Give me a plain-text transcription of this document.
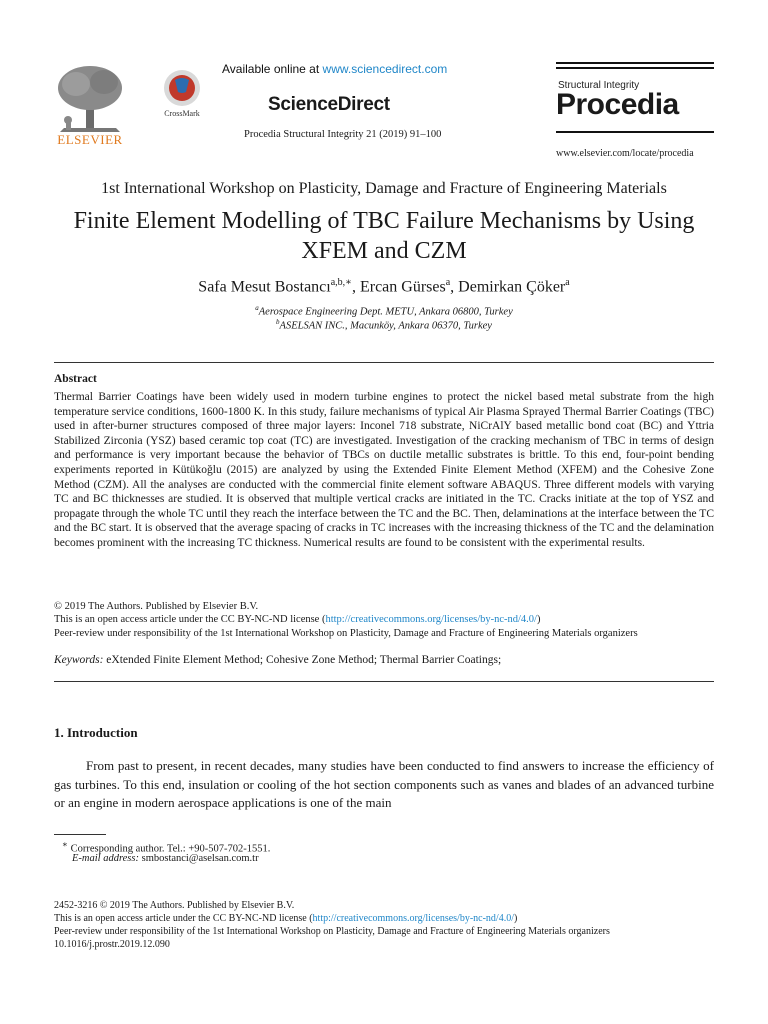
ELSEVIER
CrossMark
Available online at www.sciencedirect.com
ScienceDirect
Procedia Structural Integrity 21 (2019) 91–100
Structural Integrity
Procedia
www.elsevier.com/locate/procedia
1st International Workshop on Plasticity, Damage and Fracture of Engineering Materials
Finite Element Modelling of TBC Failure Mechanisms by Using XFEM and CZM
Safa Mesut Bostancı$^{a,b,∗}$, Ercan Gürses$^a$, Demirkan Çöker$^a$
$^a$Aerospace Engineering Dept. METU, Ankara 06800, Turkey
$^b$ASELSAN INC., Macunköy, Ankara 06370, Turkey
Abstract
Thermal Barrier Coatings have been widely used in modern turbine engines to protect the nickel based metal substrate from the high temperature service conditions, 1600-1800 K. In this study, failure mechanisms of typical Air Plasma Sprayed Thermal Barrier Coatings (TBC) used in after-burner structures composed of three major layers: Inconel 718 substrate, NiCrAlY based metallic bond coat (BC) and Yttria Stabilized Zirconia (YSZ) based ceramic top coat (TC) are investigated. Investigation of the cracking mechanism of TBC in terms of design and performance is very important because the behavior of TBCs on ductile metallic substrates is brittle. To this end, four-point bending experiments reported in Kütükoğlu (2015) are analyzed by using the Extended Finite Element Method (XFEM) and the Cohesive Zone Method (CZM). All the analyses are conducted with the commercial finite element software ABAQUS. Three different models with varying TC and BC thicknesses are studied. It is observed that multiple vertical cracks are initiated in the TC. Cracks initiate at the top of YSZ and propagate through the whole TC until they reach the interface between the TC and the BC. Then, delaminations at the interface between the TC and the BC start. It is observed that the average spacing of cracks in TC increases with the increasing thickness of the TC and the delamination becomes prominent with the increasing TC thickness. Numerical results are found to be consistent with the experimental results.
© 2019 The Authors. Published by Elsevier B.V.
This is an open access article under the CC BY-NC-ND license (http://creativecommons.org/licenses/by-nc-nd/4.0/)
Peer-review under responsibility of the 1st International Workshop on Plasticity, Damage and Fracture of Engineering Materials organizers
Keywords: eXtended Finite Element Method; Cohesive Zone Method; Thermal Barrier Coatings;
1. Introduction
From past to present, in recent decades, many studies have been conducted to find answers to increase the efficiency of gas turbines. To this end, insulation or cooling of the hot section components such as vanes and blades of an advanced turbine or an engine in modern aerospace applications is one of the main
∗ Corresponding author. Tel.: +90-507-702-1551.
E-mail address: smbostanci@aselsan.com.tr
2452-3216 © 2019 The Authors. Published by Elsevier B.V.
This is an open access article under the CC BY-NC-ND license (http://creativecommons.org/licenses/by-nc-nd/4.0/)
Peer-review under responsibility of the 1st International Workshop on Plasticity, Damage and Fracture of Engineering Materials organizers
10.1016/j.prostr.2019.12.090
